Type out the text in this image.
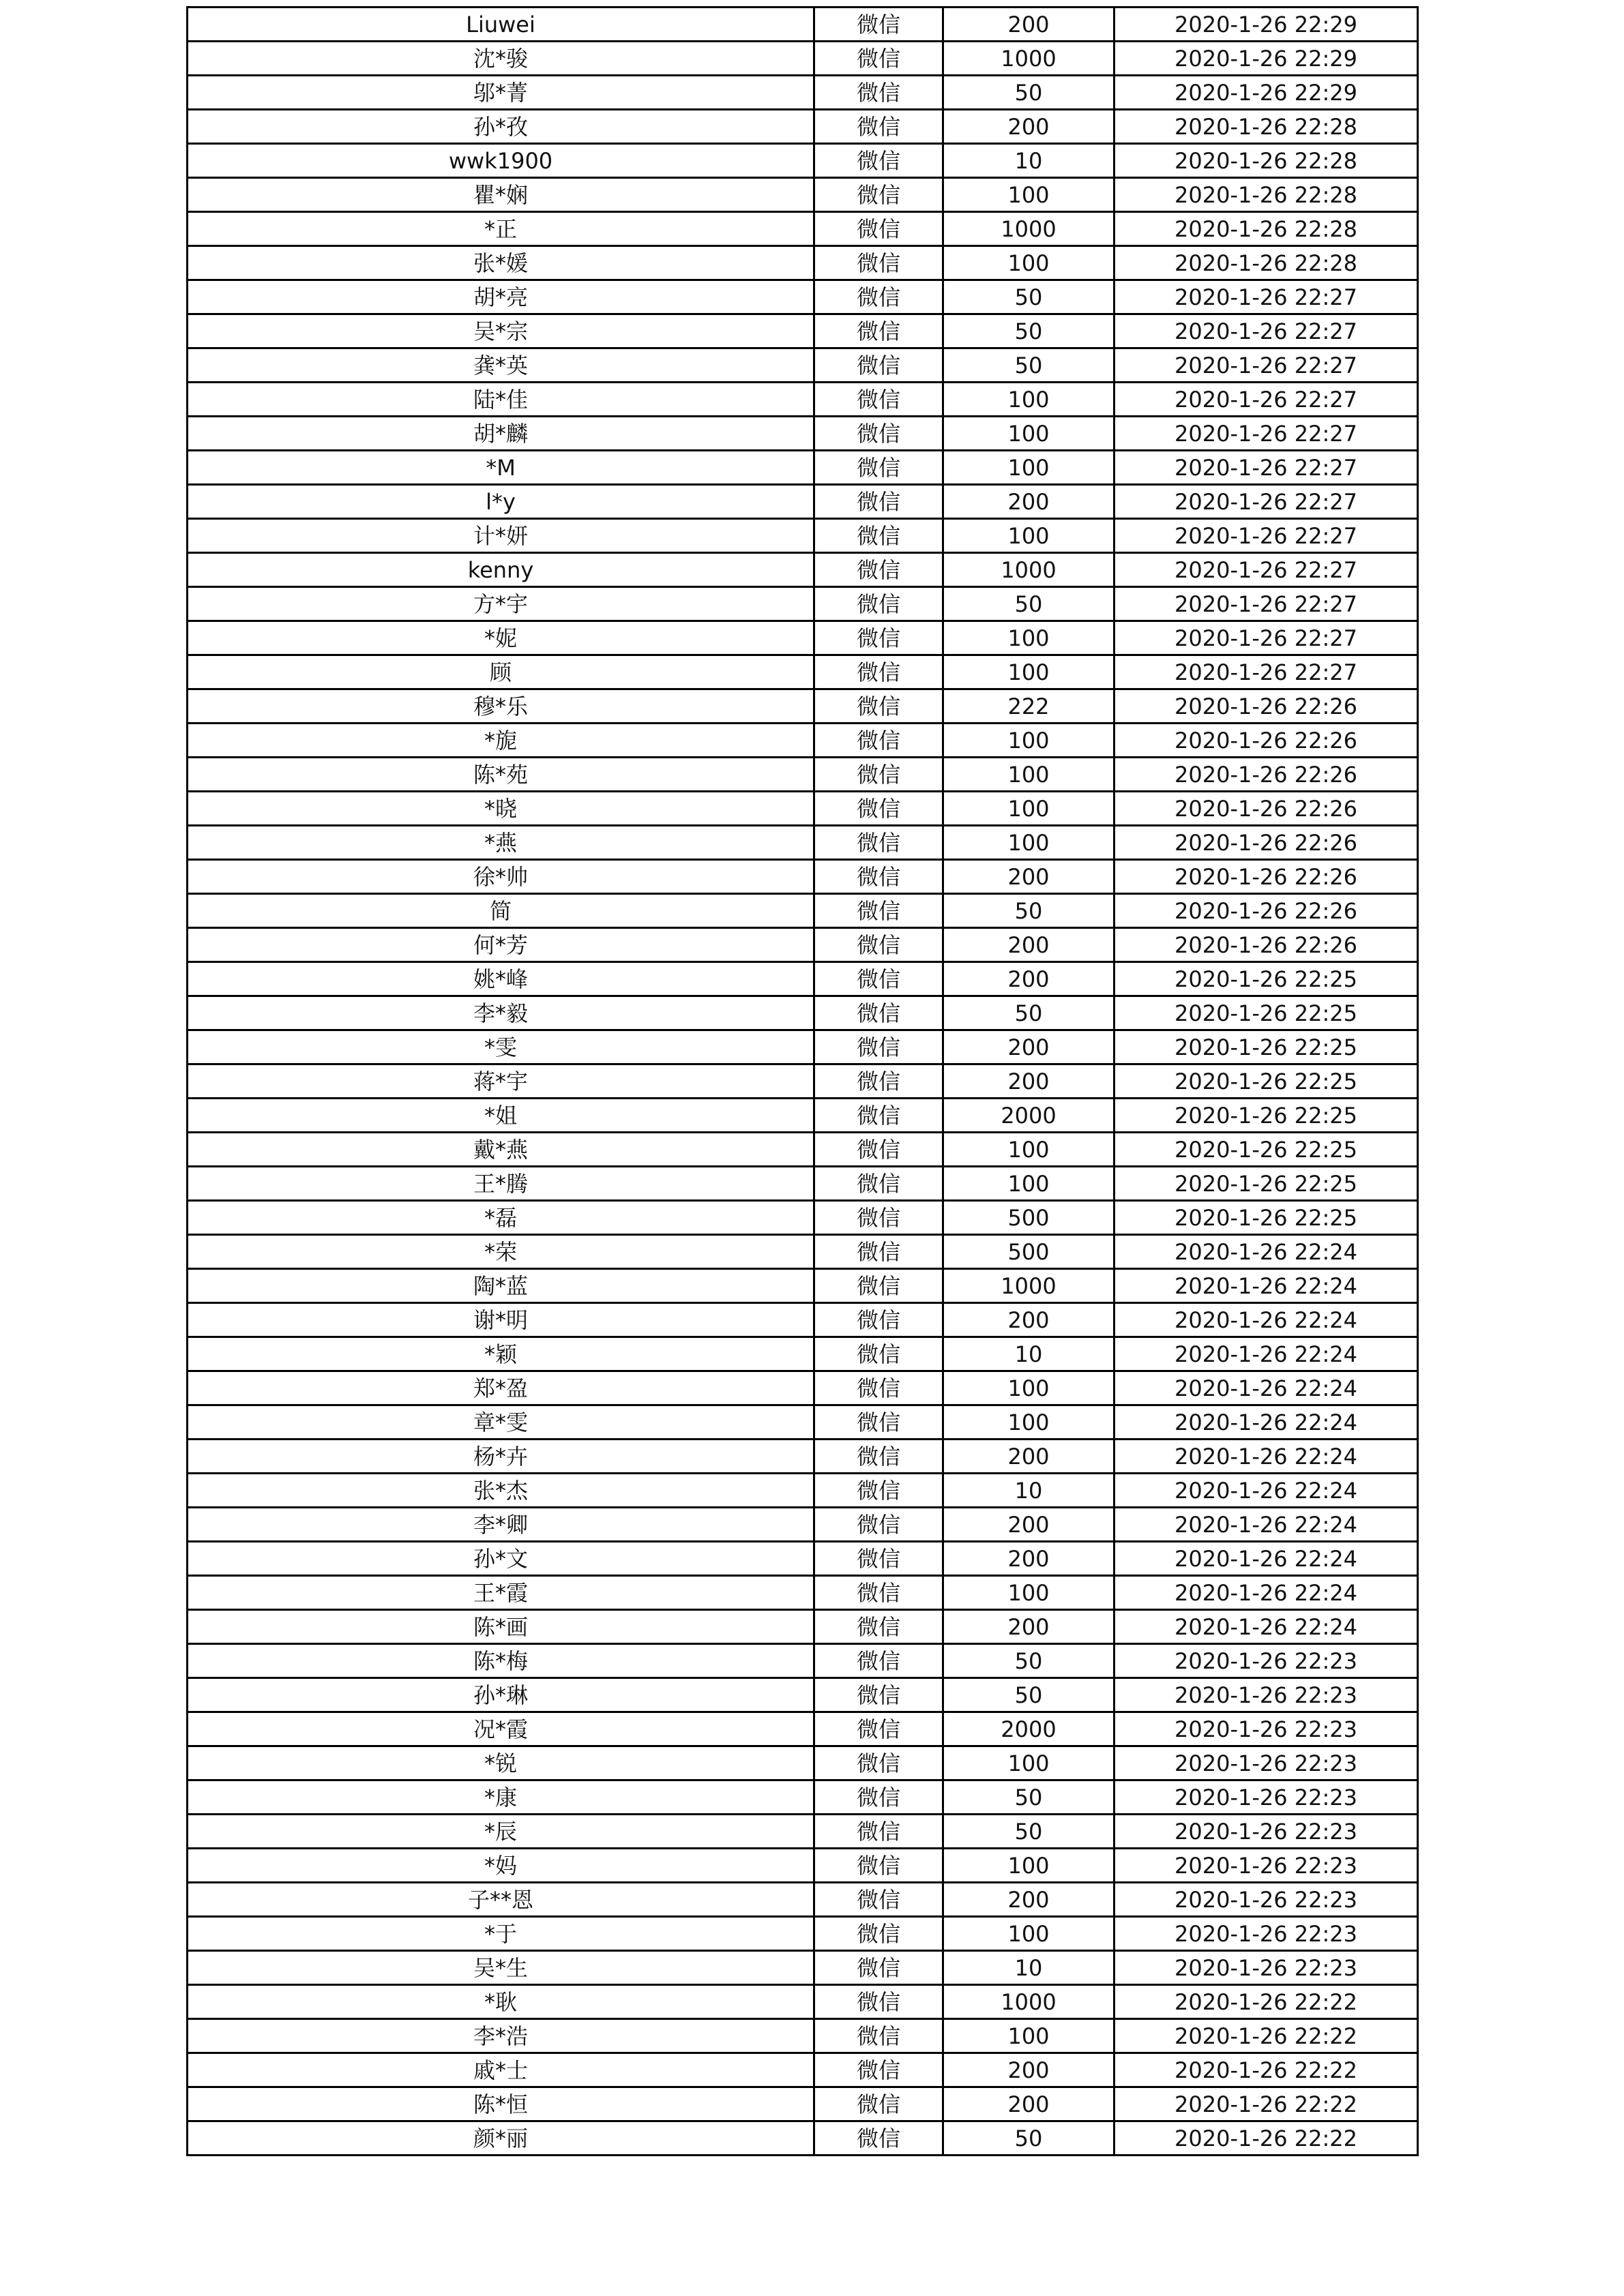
Liuwei	微信	200	2020-1-26 22:29
沈*骏	微信	1000	2020-1-26 22:29
邬*菁	微信	50	2020-1-26 22:29
孙*孜	微信	200	2020-1-26 22:28
wwk1900	微信	10	2020-1-26 22:28
瞿*娴	微信	100	2020-1-26 22:28
*正	微信	1000	2020-1-26 22:28
张*媛	微信	100	2020-1-26 22:28
胡*亮	微信	50	2020-1-26 22:27
吴*宗	微信	50	2020-1-26 22:27
龚*英	微信	50	2020-1-26 22:27
陆*佳	微信	100	2020-1-26 22:27
胡*麟	微信	100	2020-1-26 22:27
*M	微信	100	2020-1-26 22:27
l*y	微信	200	2020-1-26 22:27
计*妍	微信	100	2020-1-26 22:27
kenny	微信	1000	2020-1-26 22:27
方*宇	微信	50	2020-1-26 22:27
*妮	微信	100	2020-1-26 22:27
顾	微信	100	2020-1-26 22:27
穆*乐	微信	222	2020-1-26 22:26
*旎	微信	100	2020-1-26 22:26
陈*苑	微信	100	2020-1-26 22:26
*晓	微信	100	2020-1-26 22:26
*燕	微信	100	2020-1-26 22:26
徐*帅	微信	200	2020-1-26 22:26
简	微信	50	2020-1-26 22:26
何*芳	微信	200	2020-1-26 22:26
姚*峰	微信	200	2020-1-26 22:25
李*毅	微信	50	2020-1-26 22:25
*雯	微信	200	2020-1-26 22:25
蒋*宇	微信	200	2020-1-26 22:25
*姐	微信	2000	2020-1-26 22:25
戴*燕	微信	100	2020-1-26 22:25
王*腾	微信	100	2020-1-26 22:25
*磊	微信	500	2020-1-26 22:25
*荣	微信	500	2020-1-26 22:24
陶*蓝	微信	1000	2020-1-26 22:24
谢*明	微信	200	2020-1-26 22:24
*颖	微信	10	2020-1-26 22:24
郑*盈	微信	100	2020-1-26 22:24
章*雯	微信	100	2020-1-26 22:24
杨*卉	微信	200	2020-1-26 22:24
张*杰	微信	10	2020-1-26 22:24
李*卿	微信	200	2020-1-26 22:24
孙*文	微信	200	2020-1-26 22:24
王*霞	微信	100	2020-1-26 22:24
陈*画	微信	200	2020-1-26 22:24
陈*梅	微信	50	2020-1-26 22:23
孙*琳	微信	50	2020-1-26 22:23
况*霞	微信	2000	2020-1-26 22:23
*锐	微信	100	2020-1-26 22:23
*康	微信	50	2020-1-26 22:23
*辰	微信	50	2020-1-26 22:23
*妈	微信	100	2020-1-26 22:23
子**恩	微信	200	2020-1-26 22:23
*于	微信	100	2020-1-26 22:23
吴*生	微信	10	2020-1-26 22:23
*耿	微信	1000	2020-1-26 22:22
李*浩	微信	100	2020-1-26 22:22
戚*士	微信	200	2020-1-26 22:22
陈*恒	微信	200	2020-1-26 22:22
颜*丽	微信	50	2020-1-26 22:22
